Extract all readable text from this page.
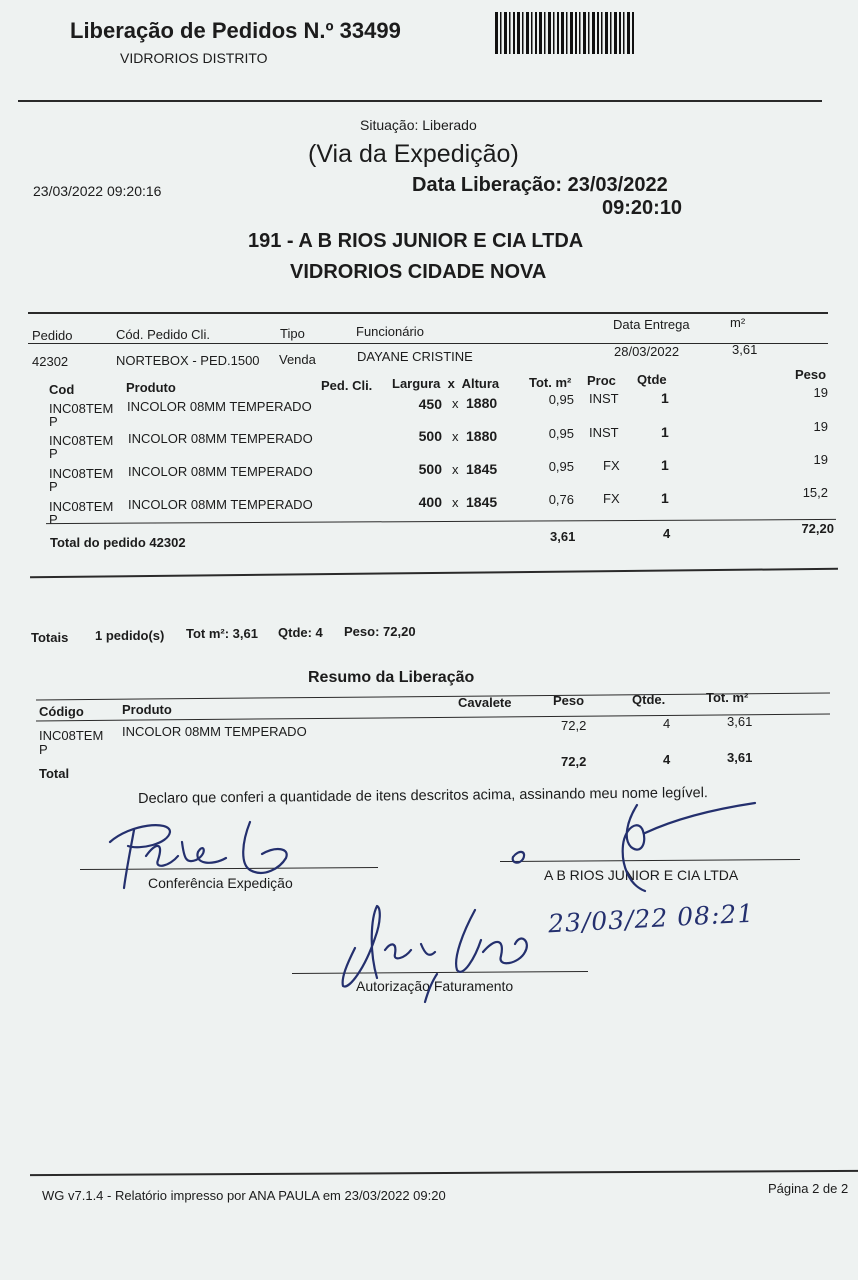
Liberação de Pedidos N.º 33499
VIDRORIOS DISTRITO
Situação: Liberado
(Via da Expedição)
23/03/2022 09:20:16	Data Liberação: 23/03/2022
09:20:10
191 - A B RIOS JUNIOR E CIA LTDA
VIDRORIOS CIDADE NOVA
Pedido	Cód. Pedido Cli.	Tipo	Funcionário	Data Entrega	m²
42302	NORTEBOX - PED.1500 Venda	DAYANE CRISTINE	28/03/2022	3,61
Cod	Produto	Ped. Cli. Largura  x  Altura Tot. m² Proc Qtde	Peso
INC08TEM
P
INCOLOR 08MM TEMPERADO	450 x 1880	0,95 INST	1	19
INC08TEM
P
INCOLOR 08MM TEMPERADO	500 x 1880	0,95 INST	1	19
INC08TEM
P
INCOLOR 08MM TEMPERADO	500 x 1845	0,95 FX	1	19
INC08TEM
P
INCOLOR 08MM TEMPERADO	400 x 1845	0,76 FX	1	15,2
Total do pedido 42302	3,61	4	72,20
Totais 1 pedido(s) Tot m²: 3,61 Qtde: 4 Peso: 72,20
Resumo da Liberação
Código	Produto	Cavalete	Peso	Qtde.	Tot. m²
INC08TEM
P
INCOLOR 08MM TEMPERADO	72,2	4	3,61
Total
72,2	4	3,61
Declaro que conferi a quantidade de itens descritos acima, assinando meu nome legível.
Conferência Expedição	A B RIOS JUNIOR E CIA LTDA
Autorização Faturamento
23/03/22 08:21
WG v7.1.4 - Relatório impresso por ANA PAULA em 23/03/2022 09:20	Página 2 de 2
